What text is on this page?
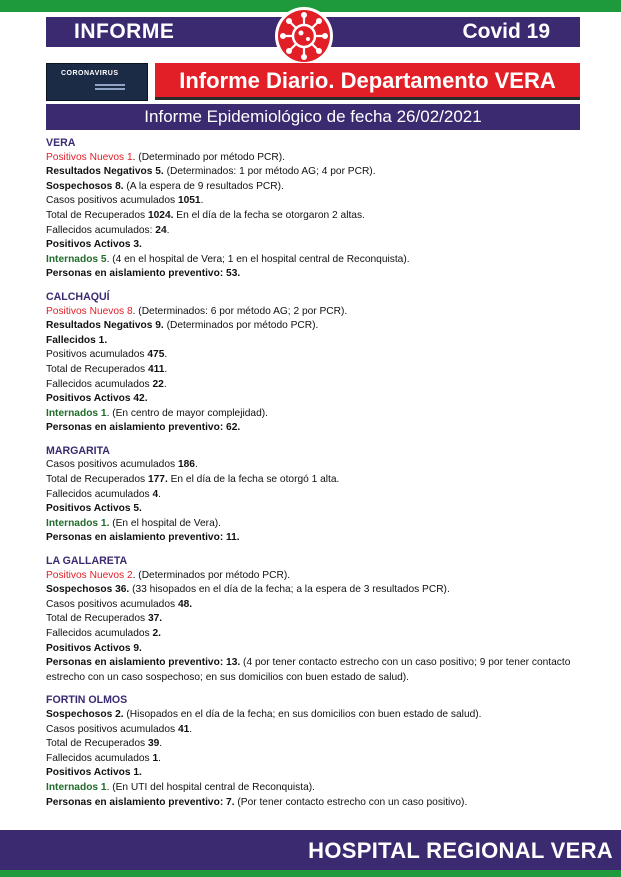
INFORME	Covid 19
CORONAVIRUS	Informe Diario. Departamento VERA
Informe Epidemiológico de fecha 26/02/2021
VERA
Positivos Nuevos 1. (Determinado por método PCR).
Resultados Negativos 5. (Determinados: 1 por método AG; 4 por PCR).
Sospechosos 8. (A la espera de 9 resultados PCR).
Casos positivos acumulados 1051.
Total de Recuperados 1024. En el día de la fecha se otorgaron 2 altas.
Fallecidos acumulados: 24.
Positivos Activos 3.
Internados 5. (4 en el hospital de Vera; 1 en el hospital central de Reconquista).
Personas en aislamiento preventivo: 53.
CALCHAQUÍ
Positivos Nuevos 8. (Determinados: 6 por método AG; 2 por PCR).
Resultados Negativos 9. (Determinados por método PCR).
Fallecidos 1.
Positivos acumulados 475.
Total de Recuperados 411.
Fallecidos acumulados 22.
Positivos Activos 42.
Internados 1. (En centro de mayor complejidad).
Personas en aislamiento preventivo: 62.
MARGARITA
Casos positivos acumulados 186.
Total de Recuperados 177. En el día de la fecha se otorgó 1 alta.
Fallecidos acumulados 4.
Positivos Activos 5.
Internados 1. (En el hospital de Vera).
Personas en aislamiento preventivo: 11.
LA GALLARETA
Positivos Nuevos 2. (Determinados por método PCR).
Sospechosos 36. (33 hisopados en el día de la fecha; a la espera de 3 resultados PCR).
Casos positivos acumulados 48.
Total de Recuperados 37.
Fallecidos acumulados 2.
Positivos Activos 9.
Personas en aislamiento preventivo: 13. (4 por tener contacto estrecho con un caso positivo; 9 por tener contacto estrecho con un caso sospechoso; en sus domicilios con buen estado de salud).
FORTIN OLMOS
Sospechosos 2. (Hisopados en el día de la fecha; en sus domicilios con buen estado de salud).
Casos positivos acumulados 41.
Total de Recuperados 39.
Fallecidos acumulados 1.
Positivos Activos 1.
Internados 1. (En UTI del hospital central de Reconquista).
Personas en aislamiento preventivo: 7. (Por tener contacto estrecho con un caso positivo).
HOSPITAL REGIONAL VERA
